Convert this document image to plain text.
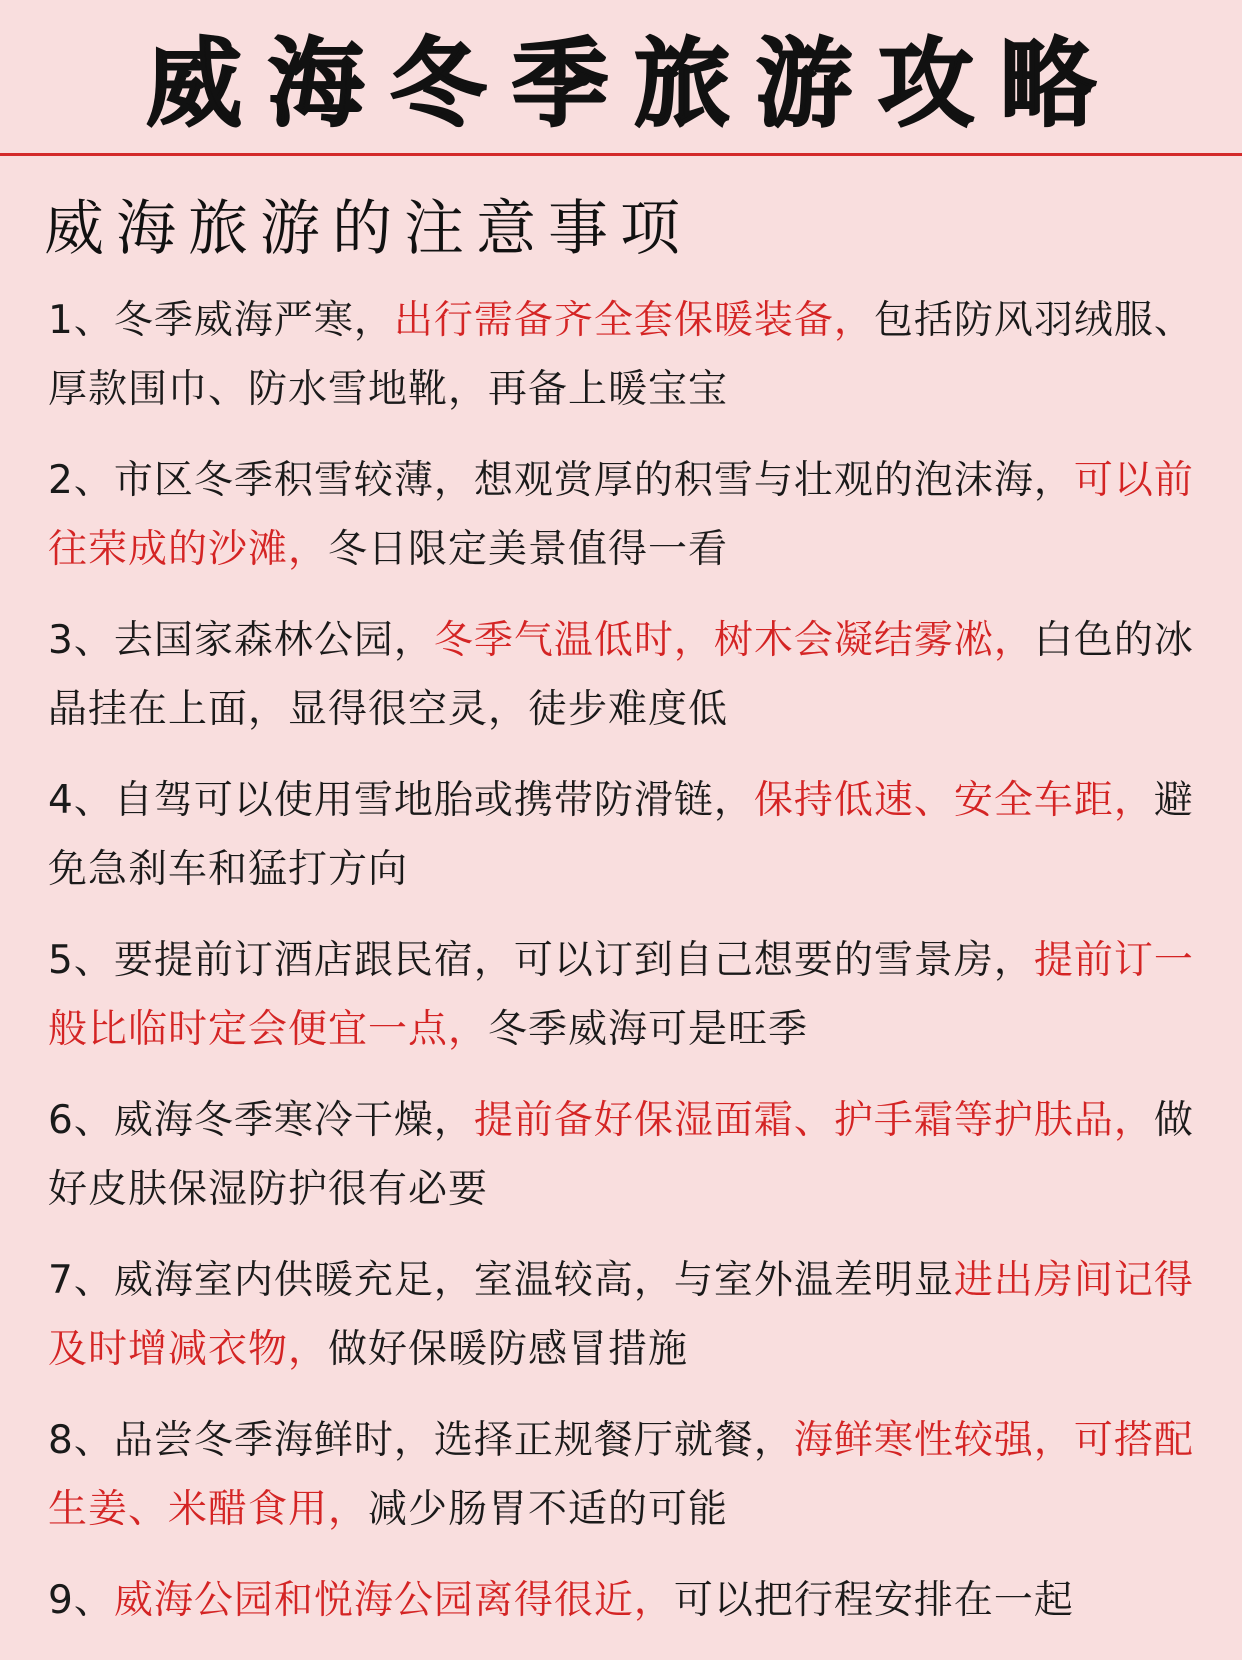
威海冬季旅游攻略
威海旅游的注意事项
1、冬季威海严寒，出行需备齐全套保暖装备，包括防风羽绒服、厚款围巾、防水雪地靴，再备上暖宝宝
2、市区冬季积雪较薄，想观赏厚的积雪与壮观的泡沫海，可以前往荣成的沙滩，冬日限定美景值得一看
3、去国家森林公园，冬季气温低时，树木会凝结雾凇，白色的冰晶挂在上面，显得很空灵，徒步难度低
4、自驾可以使用雪地胎或携带防滑链，保持低速、安全车距，避免急刹车和猛打方向
5、要提前订酒店跟民宿，可以订到自己想要的雪景房，提前订一般比临时定会便宜一点，冬季威海可是旺季
6、威海冬季寒冷干燥，提前备好保湿面霜、护手霜等护肤品，做好皮肤保湿防护很有必要
7、威海室内供暖充足，室温较高，与室外温差明显进出房间记得及时增减衣物，做好保暖防感冒措施
8、品尝冬季海鲜时，选择正规餐厅就餐，海鲜寒性较强，可搭配生姜、米醋食用，减少肠胃不适的可能
9、威海公园和悦海公园离得很近，可以把行程安排在一起
